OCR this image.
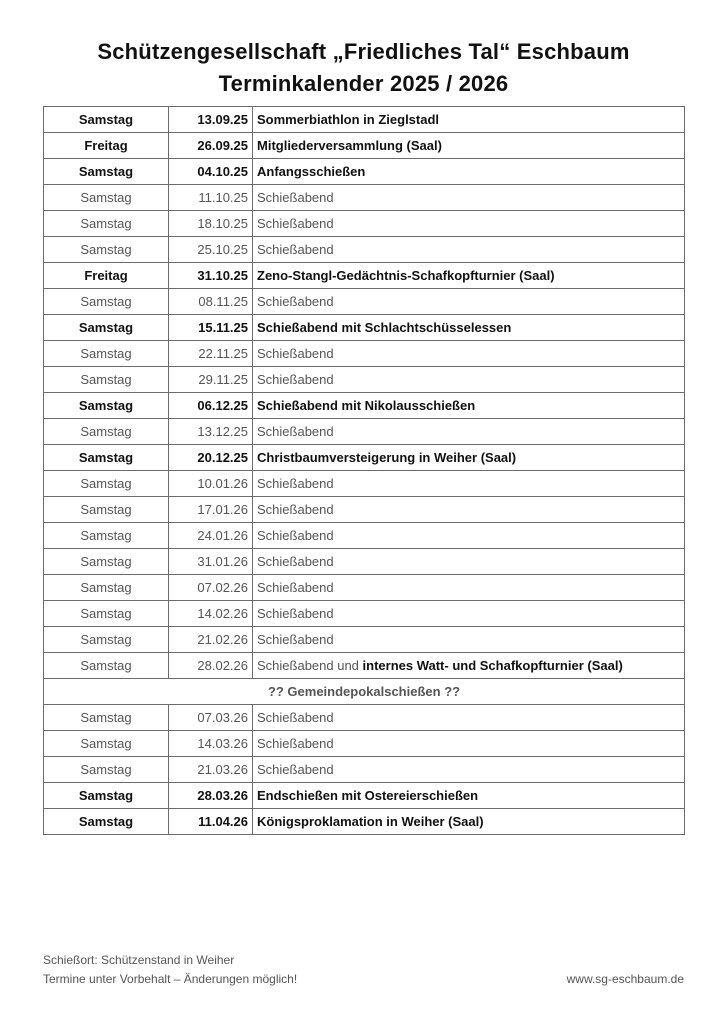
Schützengesellschaft „Friedliches Tal“ Eschbaum
Terminkalender 2025 / 2026
Samstag	13.09.25	Sommerbiathlon in Zieglstadl
Freitag	26.09.25	Mitgliederversammlung (Saal)
Samstag	04.10.25	Anfangsschießen
Samstag	11.10.25	Schießabend
Samstag	18.10.25	Schießabend
Samstag	25.10.25	Schießabend
Freitag	31.10.25	Zeno-Stangl-Gedächtnis-Schafkopfturnier (Saal)
Samstag	08.11.25	Schießabend
Samstag	15.11.25	Schießabend mit Schlachtschüsselessen
Samstag	22.11.25	Schießabend
Samstag	29.11.25	Schießabend
Samstag	06.12.25	Schießabend mit Nikolausschießen
Samstag	13.12.25	Schießabend
Samstag	20.12.25	Christbaumversteigerung in Weiher (Saal)
Samstag	10.01.26	Schießabend
Samstag	17.01.26	Schießabend
Samstag	24.01.26	Schießabend
Samstag	31.01.26	Schießabend
Samstag	07.02.26	Schießabend
Samstag	14.02.26	Schießabend
Samstag	21.02.26	Schießabend
Samstag	28.02.26	Schießabend und internes Watt- und Schafkopfturnier (Saal)
?? Gemeindepokalschießen ??		
Samstag	07.03.26	Schießabend
Samstag	14.03.26	Schießabend
Samstag	21.03.26	Schießabend
Samstag	28.03.26	Endschießen mit Ostereierschießen
Samstag	11.04.26	Königsproklamation in Weiher (Saal)
Schießort: Schützenstand in Weiher
Termine unter Vorbehalt – Änderungen möglich!	www.sg-eschbaum.de
